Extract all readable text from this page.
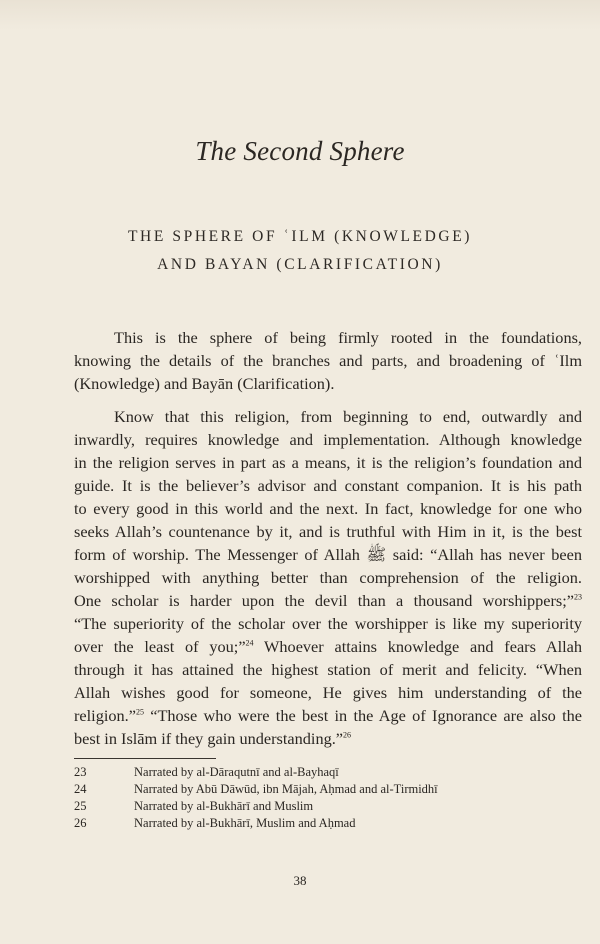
The Second Sphere
THE SPHERE OF ʿILM (KNOWLEDGE)
AND BAYAN (CLARIFICATION)

This is the sphere of being firmly rooted in the foundations,
knowing the details of the branches and parts, and broadening of ʿIlm
(Knowledge) and Bayān (Clarification).

Know that this religion, from beginning to end, outwardly and
inwardly, requires knowledge and implementation. Although knowledge
in the religion serves in part as a means, it is the religion’s foundation and
guide. It is the believer’s advisor and constant companion. It is his path
to every good in this world and the next. In fact, knowledge for one who
seeks Allah’s countenance by it, and is truthful with Him in it, is the best
form of worship. The Messenger of Allah ﷺ said: “Allah has never been
worshipped with anything better than comprehension of the religion.
One scholar is harder upon the devil than a thousand worshippers;”$^{23}$
“The superiority of the scholar over the worshipper is like my superiority
over the least of you;”$^{24}$ Whoever attains knowledge and fears Allah
through it has attained the highest station of merit and felicity. “When
Allah wishes good for someone, He gives him understanding of the
religion.”$^{25}$ “Those who were the best in the Age of Ignorance are also the
best in Islām if they gain understanding.”$^{26}$

23	Narrated by al-Dāraqutnī and al-Bayhaqī
24	Narrated by Abū Dāwūd, ibn Mājah, Aḥmad and al-Tirmidhī
25	Narrated by al-Bukhārī and Muslim
26	Narrated by al-Bukhārī, Muslim and Aḥmad
38
